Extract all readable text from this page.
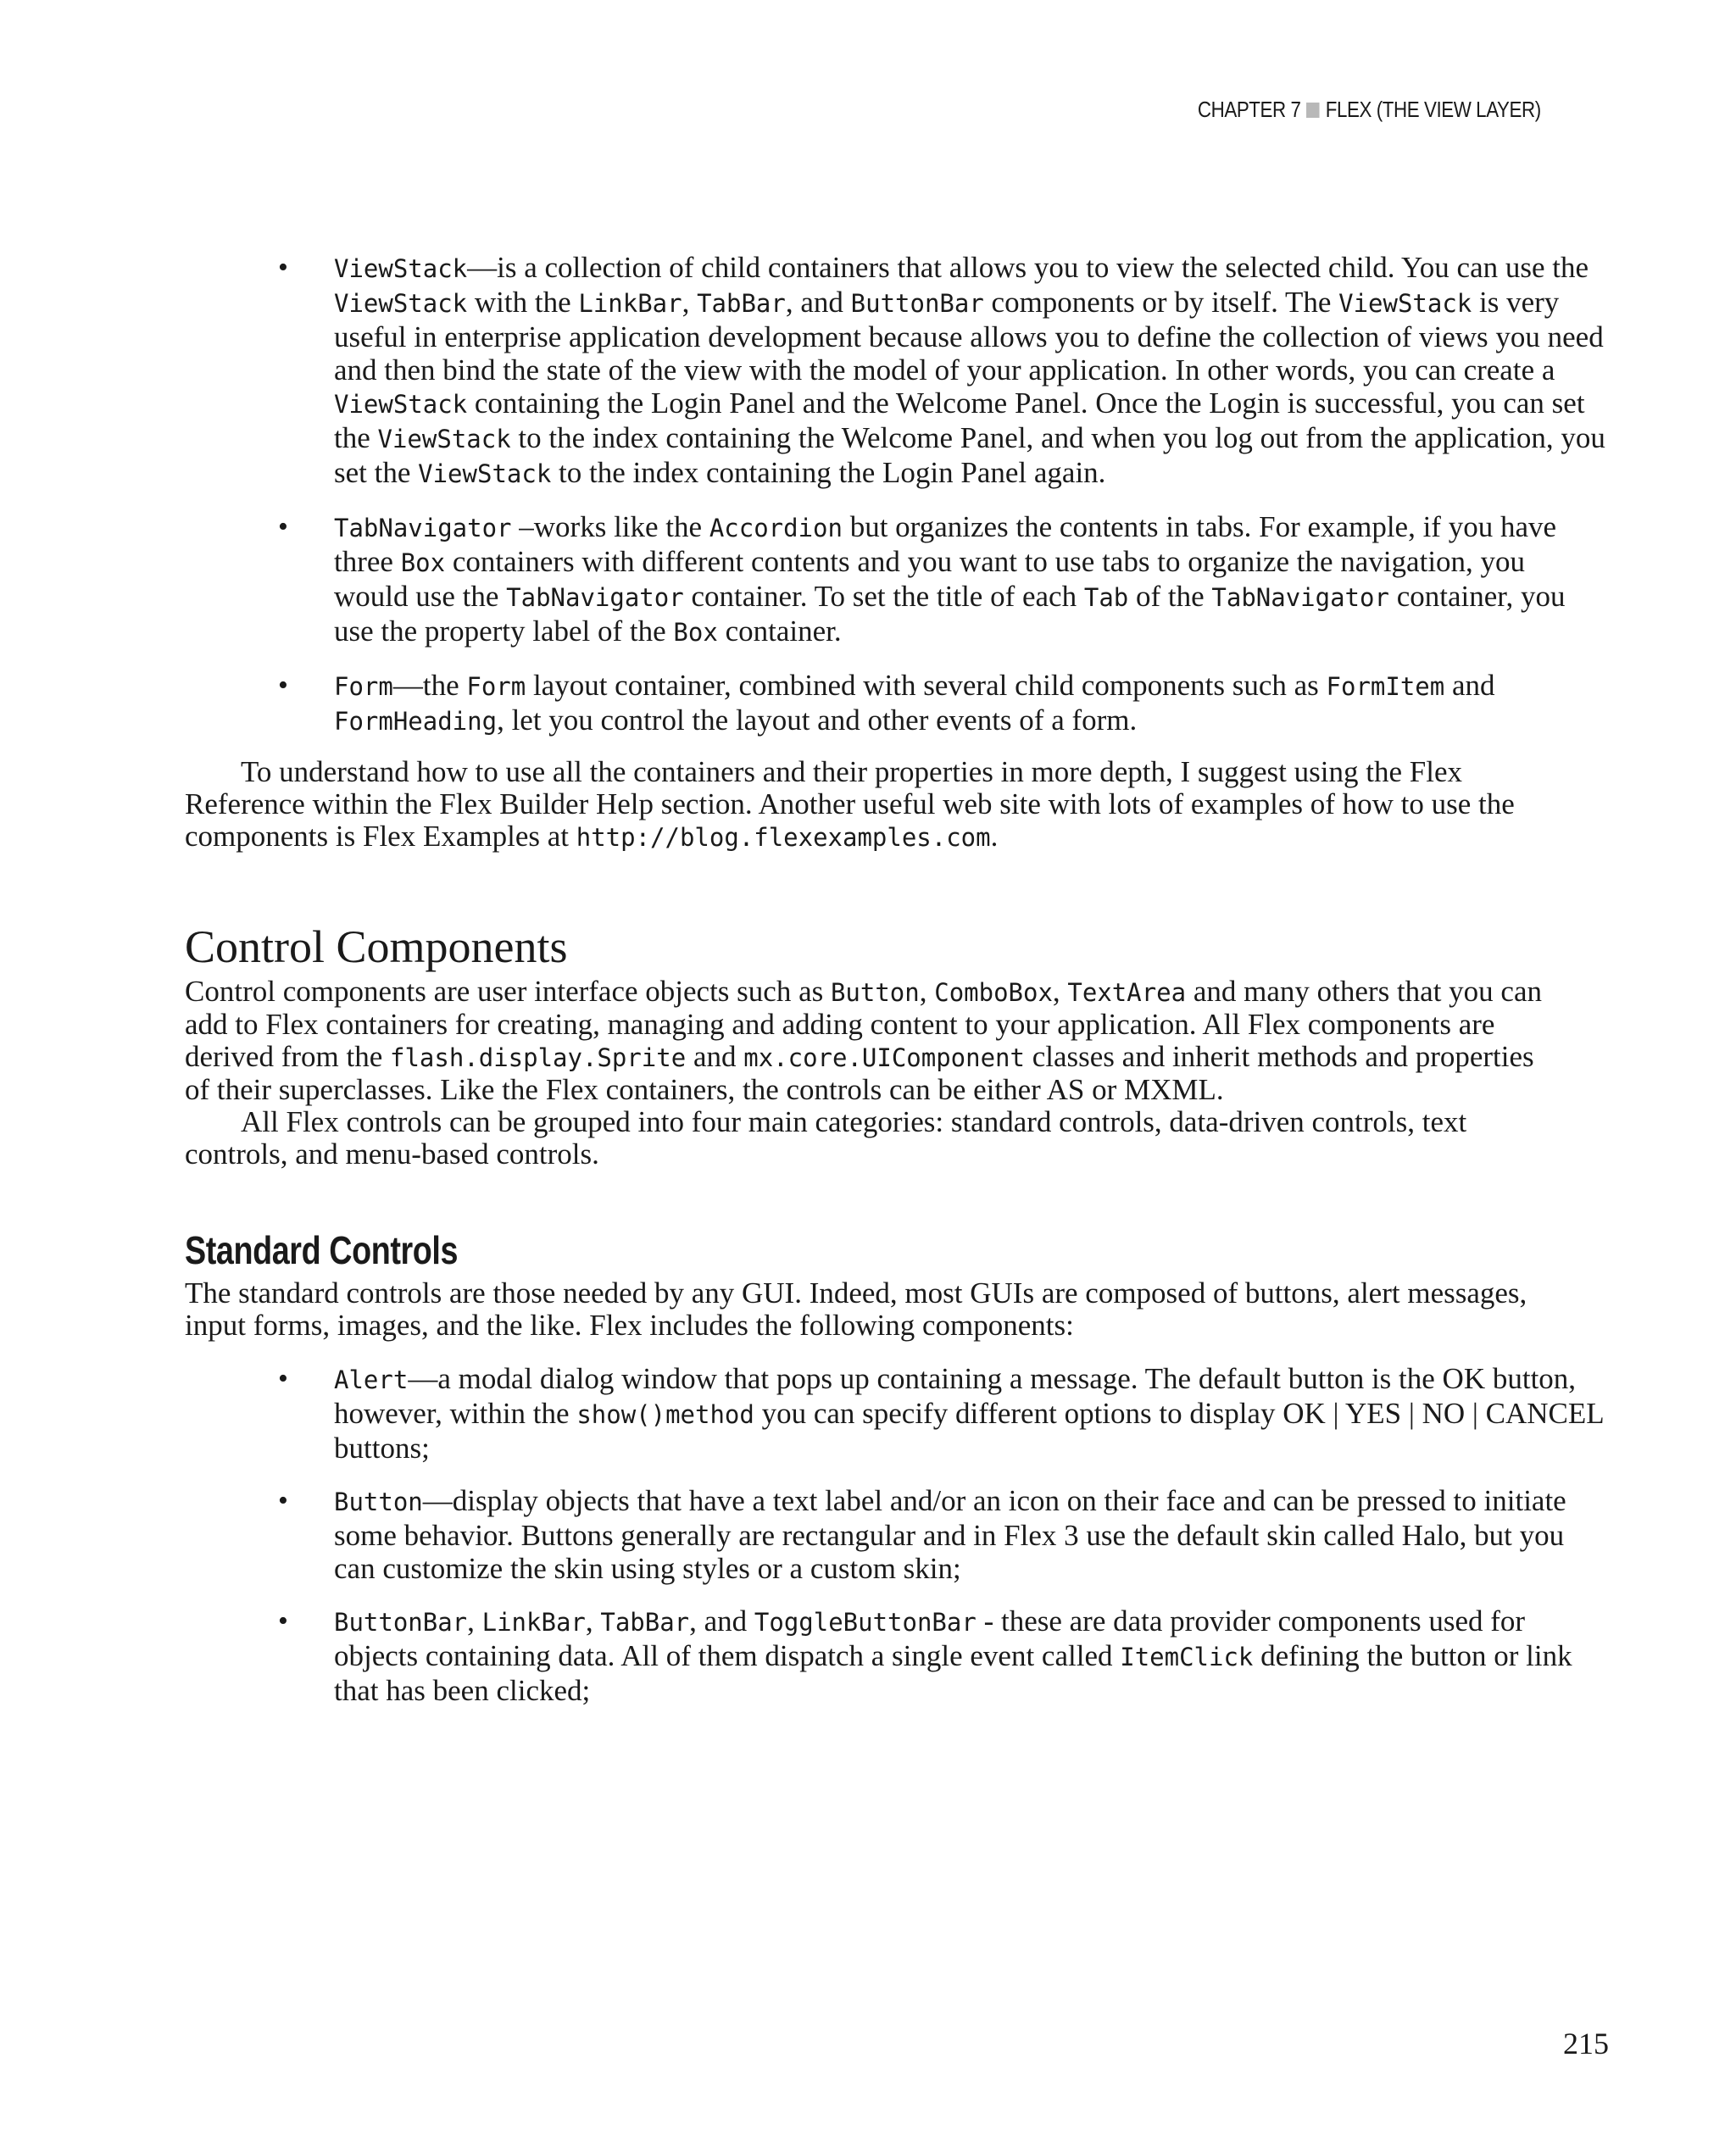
CHAPTER 7 FLEX (THE VIEW LAYER)
• ViewStack—is a collection of child containers that allows you to view the selected child. You can use the ViewStack with the LinkBar, TabBar, and ButtonBar components or by itself. The ViewStack is very useful in enterprise application development because allows you to define the collection of views you need and then bind the state of the view with the model of your application. In other words, you can create a ViewStack containing the Login Panel and the Welcome Panel. Once the Login is successful, you can set the ViewStack to the index containing the Welcome Panel, and when you log out from the application, you set the ViewStack to the index containing the Login Panel again.
• TabNavigator –works like the Accordion but organizes the contents in tabs. For example, if you have three Box containers with different contents and you want to use tabs to organize the navigation, you would use the TabNavigator container. To set the title of each Tab of the TabNavigator container, you use the property label of the Box container.
• Form—the Form layout container, combined with several child components such as FormItem and FormHeading, let you control the layout and other events of a form.

To understand how to use all the containers and their properties in more depth, I suggest using the Flex Reference within the Flex Builder Help section. Another useful web site with lots of examples of how to use the components is Flex Examples at http://blog.flexexamples.com.

Control Components

Control components are user interface objects such as Button, ComboBox, TextArea and many others that you can add to Flex containers for creating, managing and adding content to your application. All Flex components are derived from the flash.display.Sprite and mx.core.UIComponent classes and inherit methods and properties of their superclasses. Like the Flex containers, the controls can be either AS or MXML.

All Flex controls can be grouped into four main categories: standard controls, data-driven controls, text controls, and menu-based controls.

Standard Controls

The standard controls are those needed by any GUI. Indeed, most GUIs are composed of buttons, alert messages, input forms, images, and the like. Flex includes the following components:

• Alert—a modal dialog window that pops up containing a message. The default button is the OK button, however, within the show()method you can specify different options to display OK | YES | NO | CANCEL buttons;
• Button—display objects that have a text label and/or an icon on their face and can be pressed to initiate some behavior. Buttons generally are rectangular and in Flex 3 use the default skin called Halo, but you can customize the skin using styles or a custom skin;
• ButtonBar, LinkBar, TabBar, and ToggleButtonBar - these are data provider components used for objects containing data. All of them dispatch a single event called ItemClick defining the button or link that has been clicked;
215
